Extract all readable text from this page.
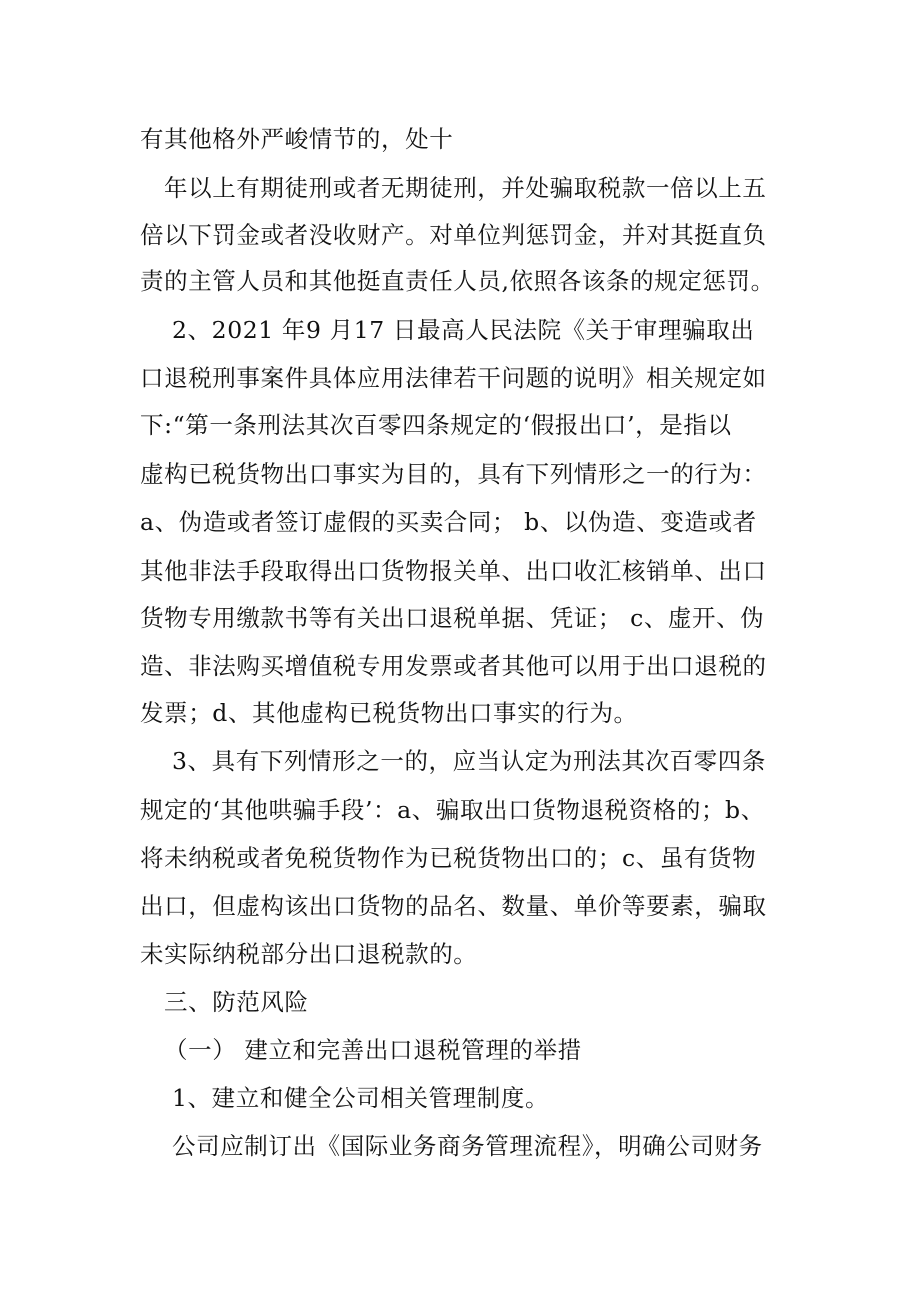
有其他格外严峻情节的，处十
年以上有期徒刑或者无期徒刑，并处骗取税款一倍以上五
倍以下罚金或者没收财产。对单位判惩罚金，并对其挺直负
责的主管人员和其他挺直责任人员,依照各该条的规定惩罚。
2、2021 年9 月17 日最高人民法院《关于审理骗取出
口退税刑事案件具体应用法律若干问题的说明》相关规定如
下:“第一条刑法其次百零四条规定的‘假报出口’，是指以
虚构已税货物出口事实为目的，具有下列情形之一的行为：
a、伪造或者签订虚假的买卖合同； b、以伪造、变造或者
其他非法手段取得出口货物报关单、出口收汇核销单、出口
货物专用缴款书等有关出口退税单据、凭证； c、虚开、伪
造、非法购买增值税专用发票或者其他可以用于出口退税的
发票；d、其他虚构已税货物出口事实的行为。
3、具有下列情形之一的，应当认定为刑法其次百零四条
规定的‘其他哄骗手段’：a、骗取出口货物退税资格的；b、
将未纳税或者免税货物作为已税货物出口的；c、虽有货物
出口，但虚构该出口货物的品名、数量、单价等要素，骗取
未实际纳税部分出口退税款的。
三、防范风险
（一） 建立和完善出口退税管理的举措
1、建立和健全公司相关管理制度。
公司应制订出《国际业务商务管理流程》，明确公司财务
